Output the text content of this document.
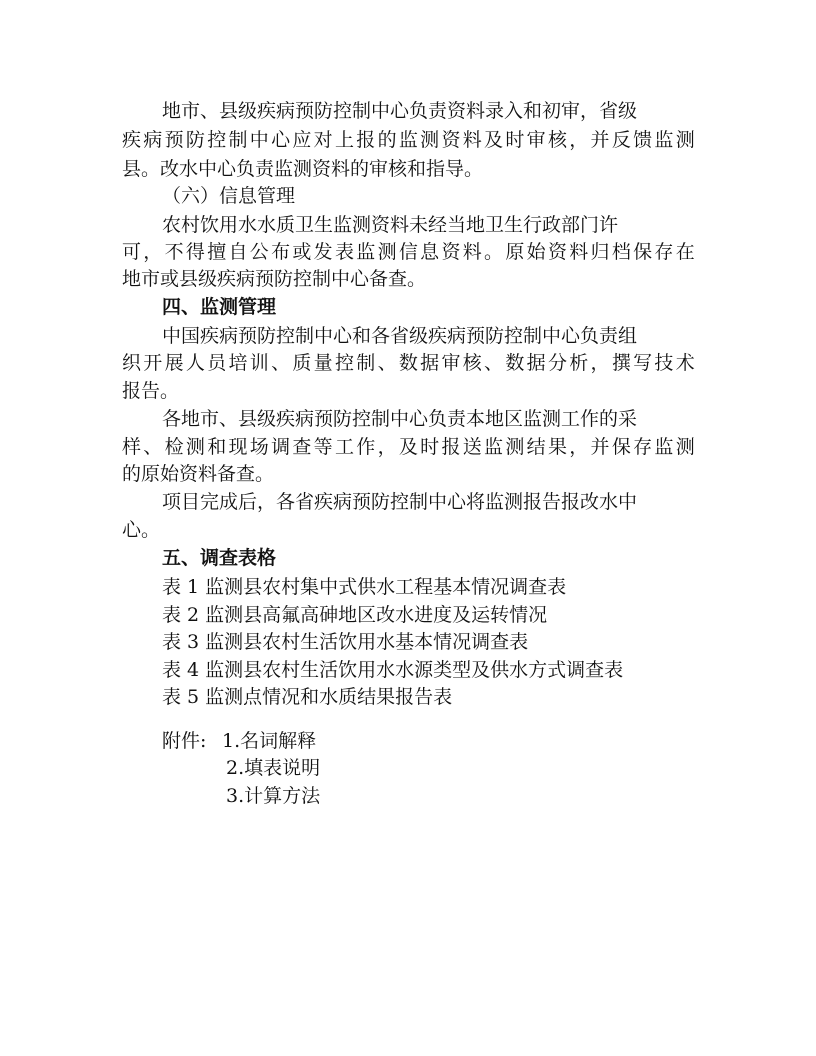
地市、县级疾病预防控制中心负责资料录入和初审，省级

疾 病 预 防 控 制 中 心 应 对 上 报 的 监 测 资 料 及 时 审 核 ， 并 反 馈 监 测

县。改水中心负责监测资料的审核和指导。

（六）信息管理

农村饮用水水质卫生监测资料未经当地卫生行政部门许

可 ， 不 得 擅 自 公 布 或 发 表 监 测 信 息 资 料 。 原 始 资 料 归 档 保 存 在

地市或县级疾病预防控制中心备查。

四、监测管理

中国疾病预防控制中心和各省级疾病预防控制中心负责组

织 开 展 人 员 培 训 、 质 量 控 制 、 数 据 审 核 、 数 据 分 析 ， 撰 写 技 术

报告。

各地市、县级疾病预防控制中心负责本地区监测工作的采

样 、 检 测 和 现 场 调 查 等 工 作 ， 及 时 报 送 监 测 结 果 ， 并 保 存 监 测

的原始资料备查。

项目完成后，各省疾病预防控制中心将监测报告报改水中

心。

五、调查表格

表 1 监测县农村集中式供水工程基本情况调查表

表 2 监测县高氟高砷地区改水进度及运转情况

表 3 监测县农村生活饮用水基本情况调查表

表 4 监测县农村生活饮用水水源类型及供水方式调查表

表 5 监测点情况和水质结果报告表

附件: 1.名词解释

2.填表说明

3.计算方法
